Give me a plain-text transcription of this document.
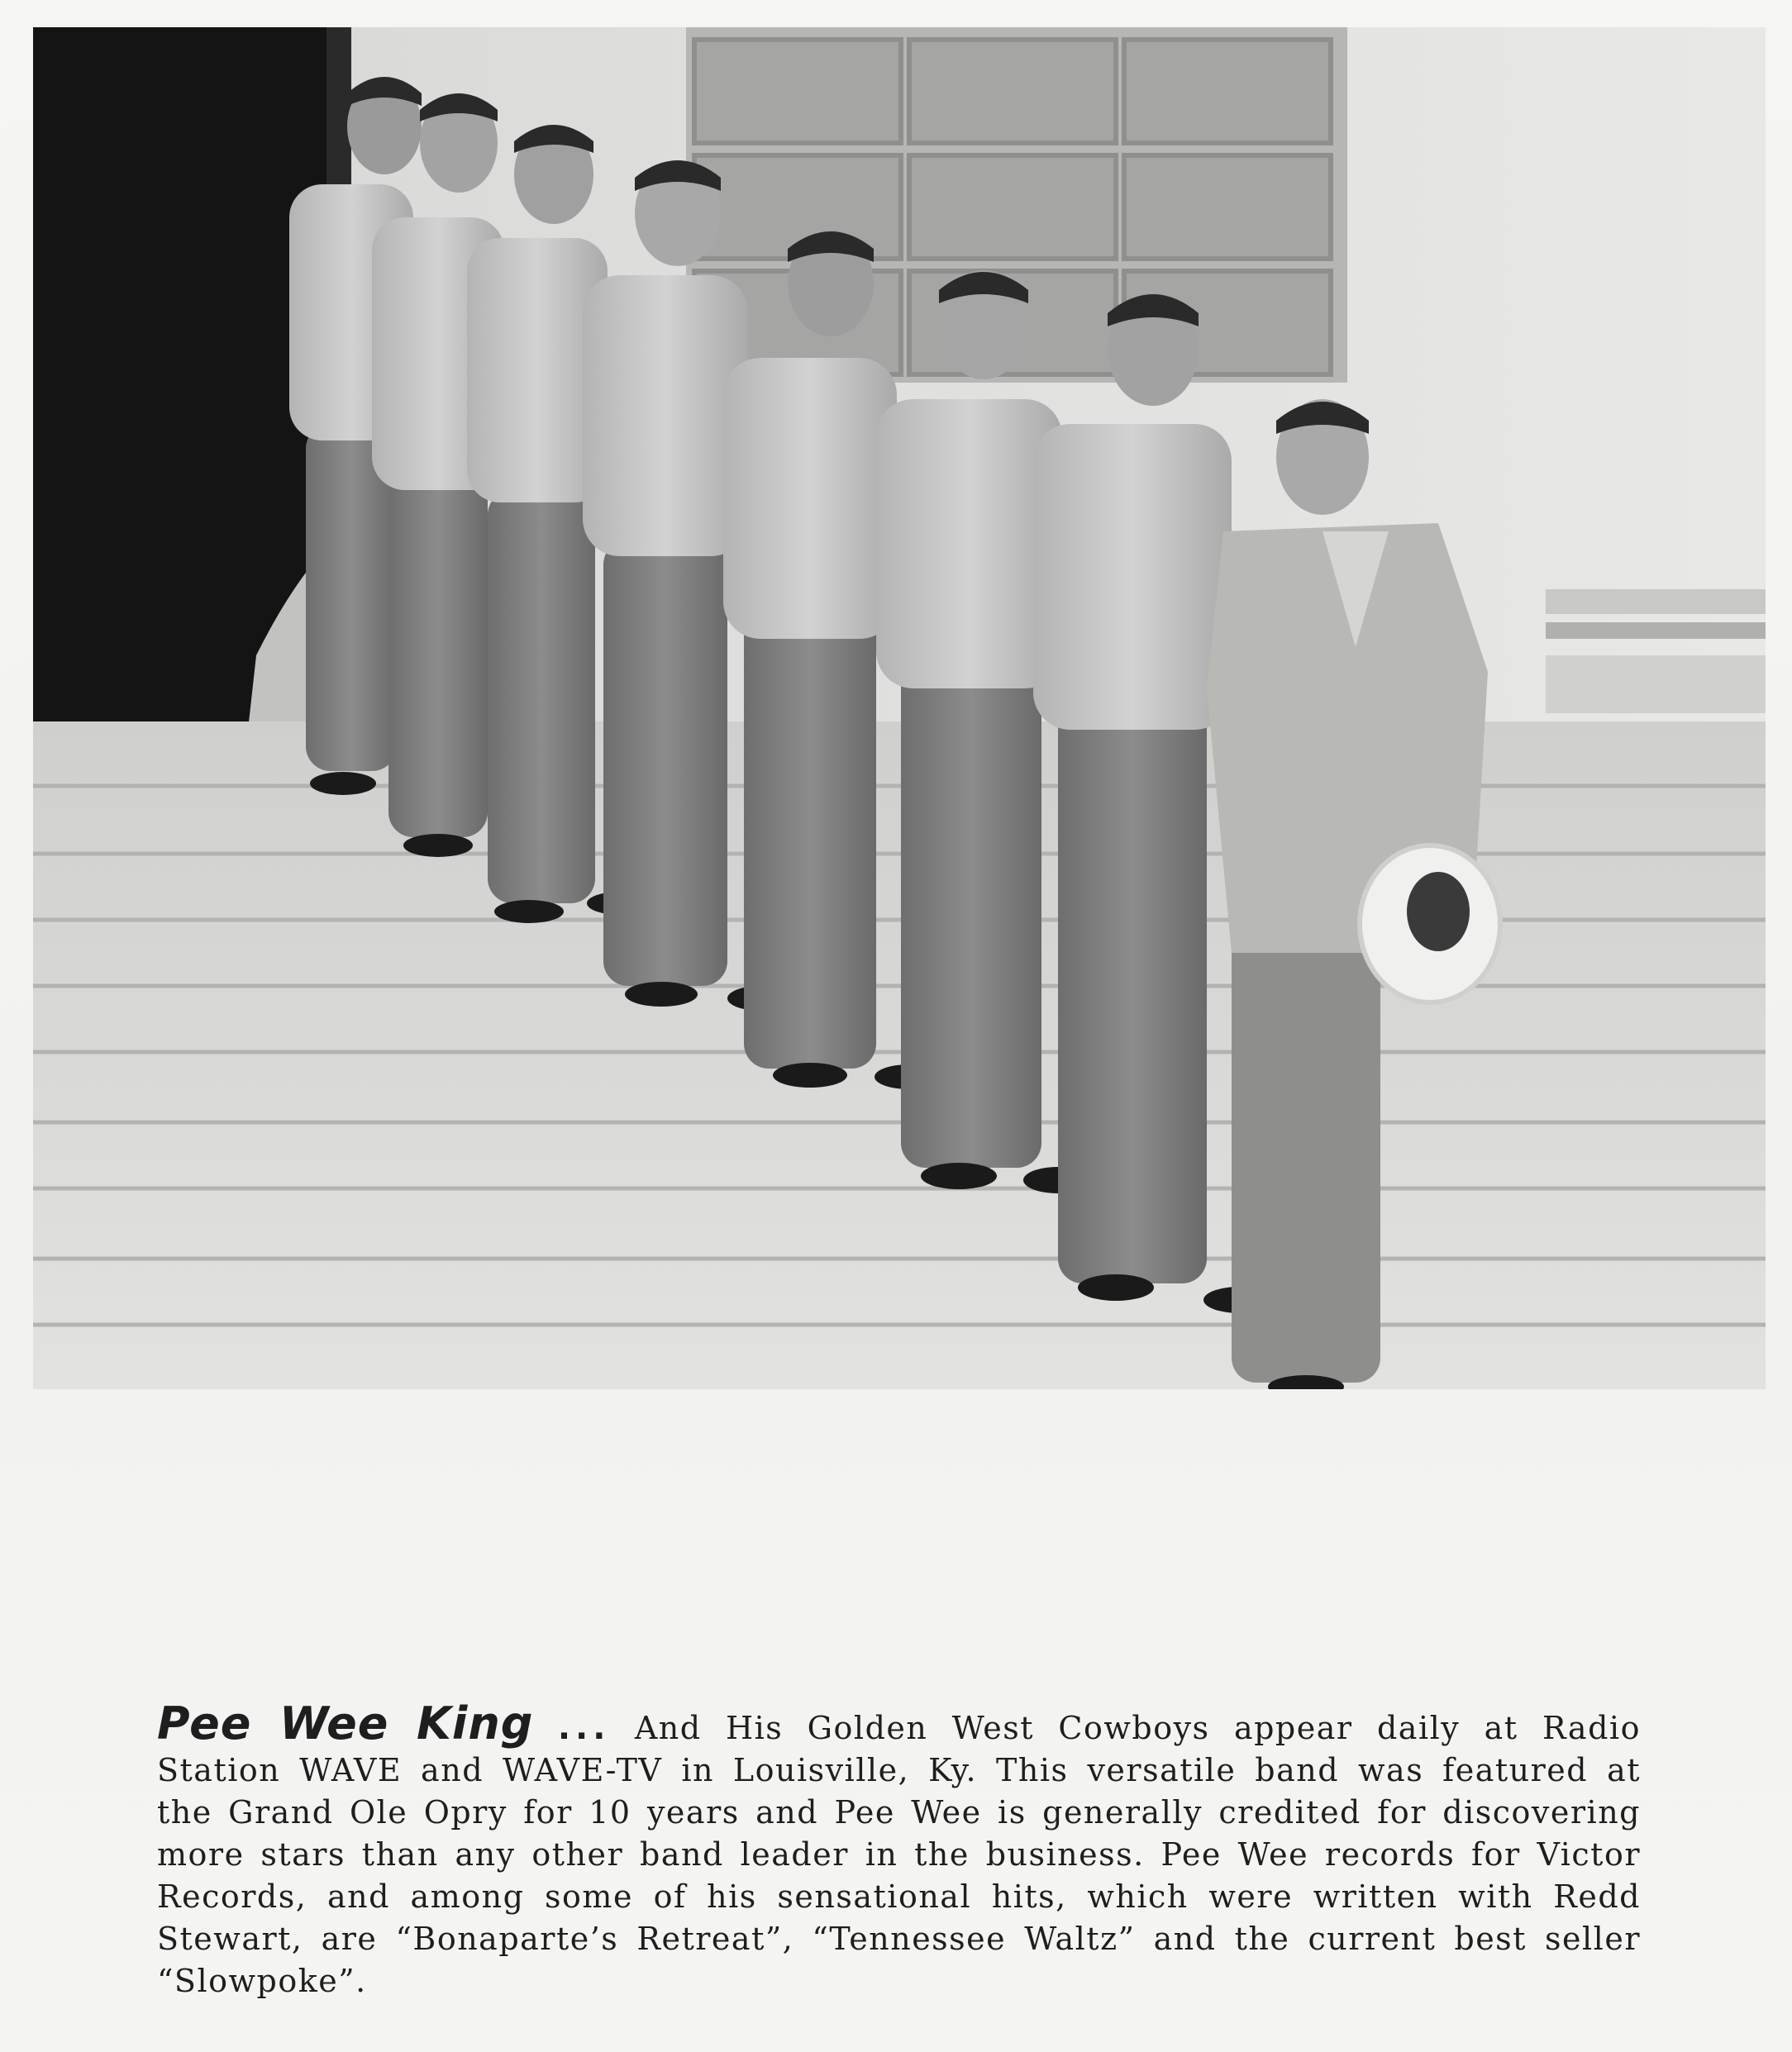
Pee Wee King ... And His Golden West Cowboys appear daily at Radio Station WAVE and WAVE-TV in Louisville, Ky. This versatile band was featured at the Grand Ole Opry for 10 years and Pee Wee is generally credited for discovering more stars than any other band leader in the business. Pee Wee records for Victor Records, and among some of his sensational hits, which were written with Redd Stewart, are “Bonaparte’s Retreat”, “Tennessee Waltz” and the current best seller “Slowpoke”.
